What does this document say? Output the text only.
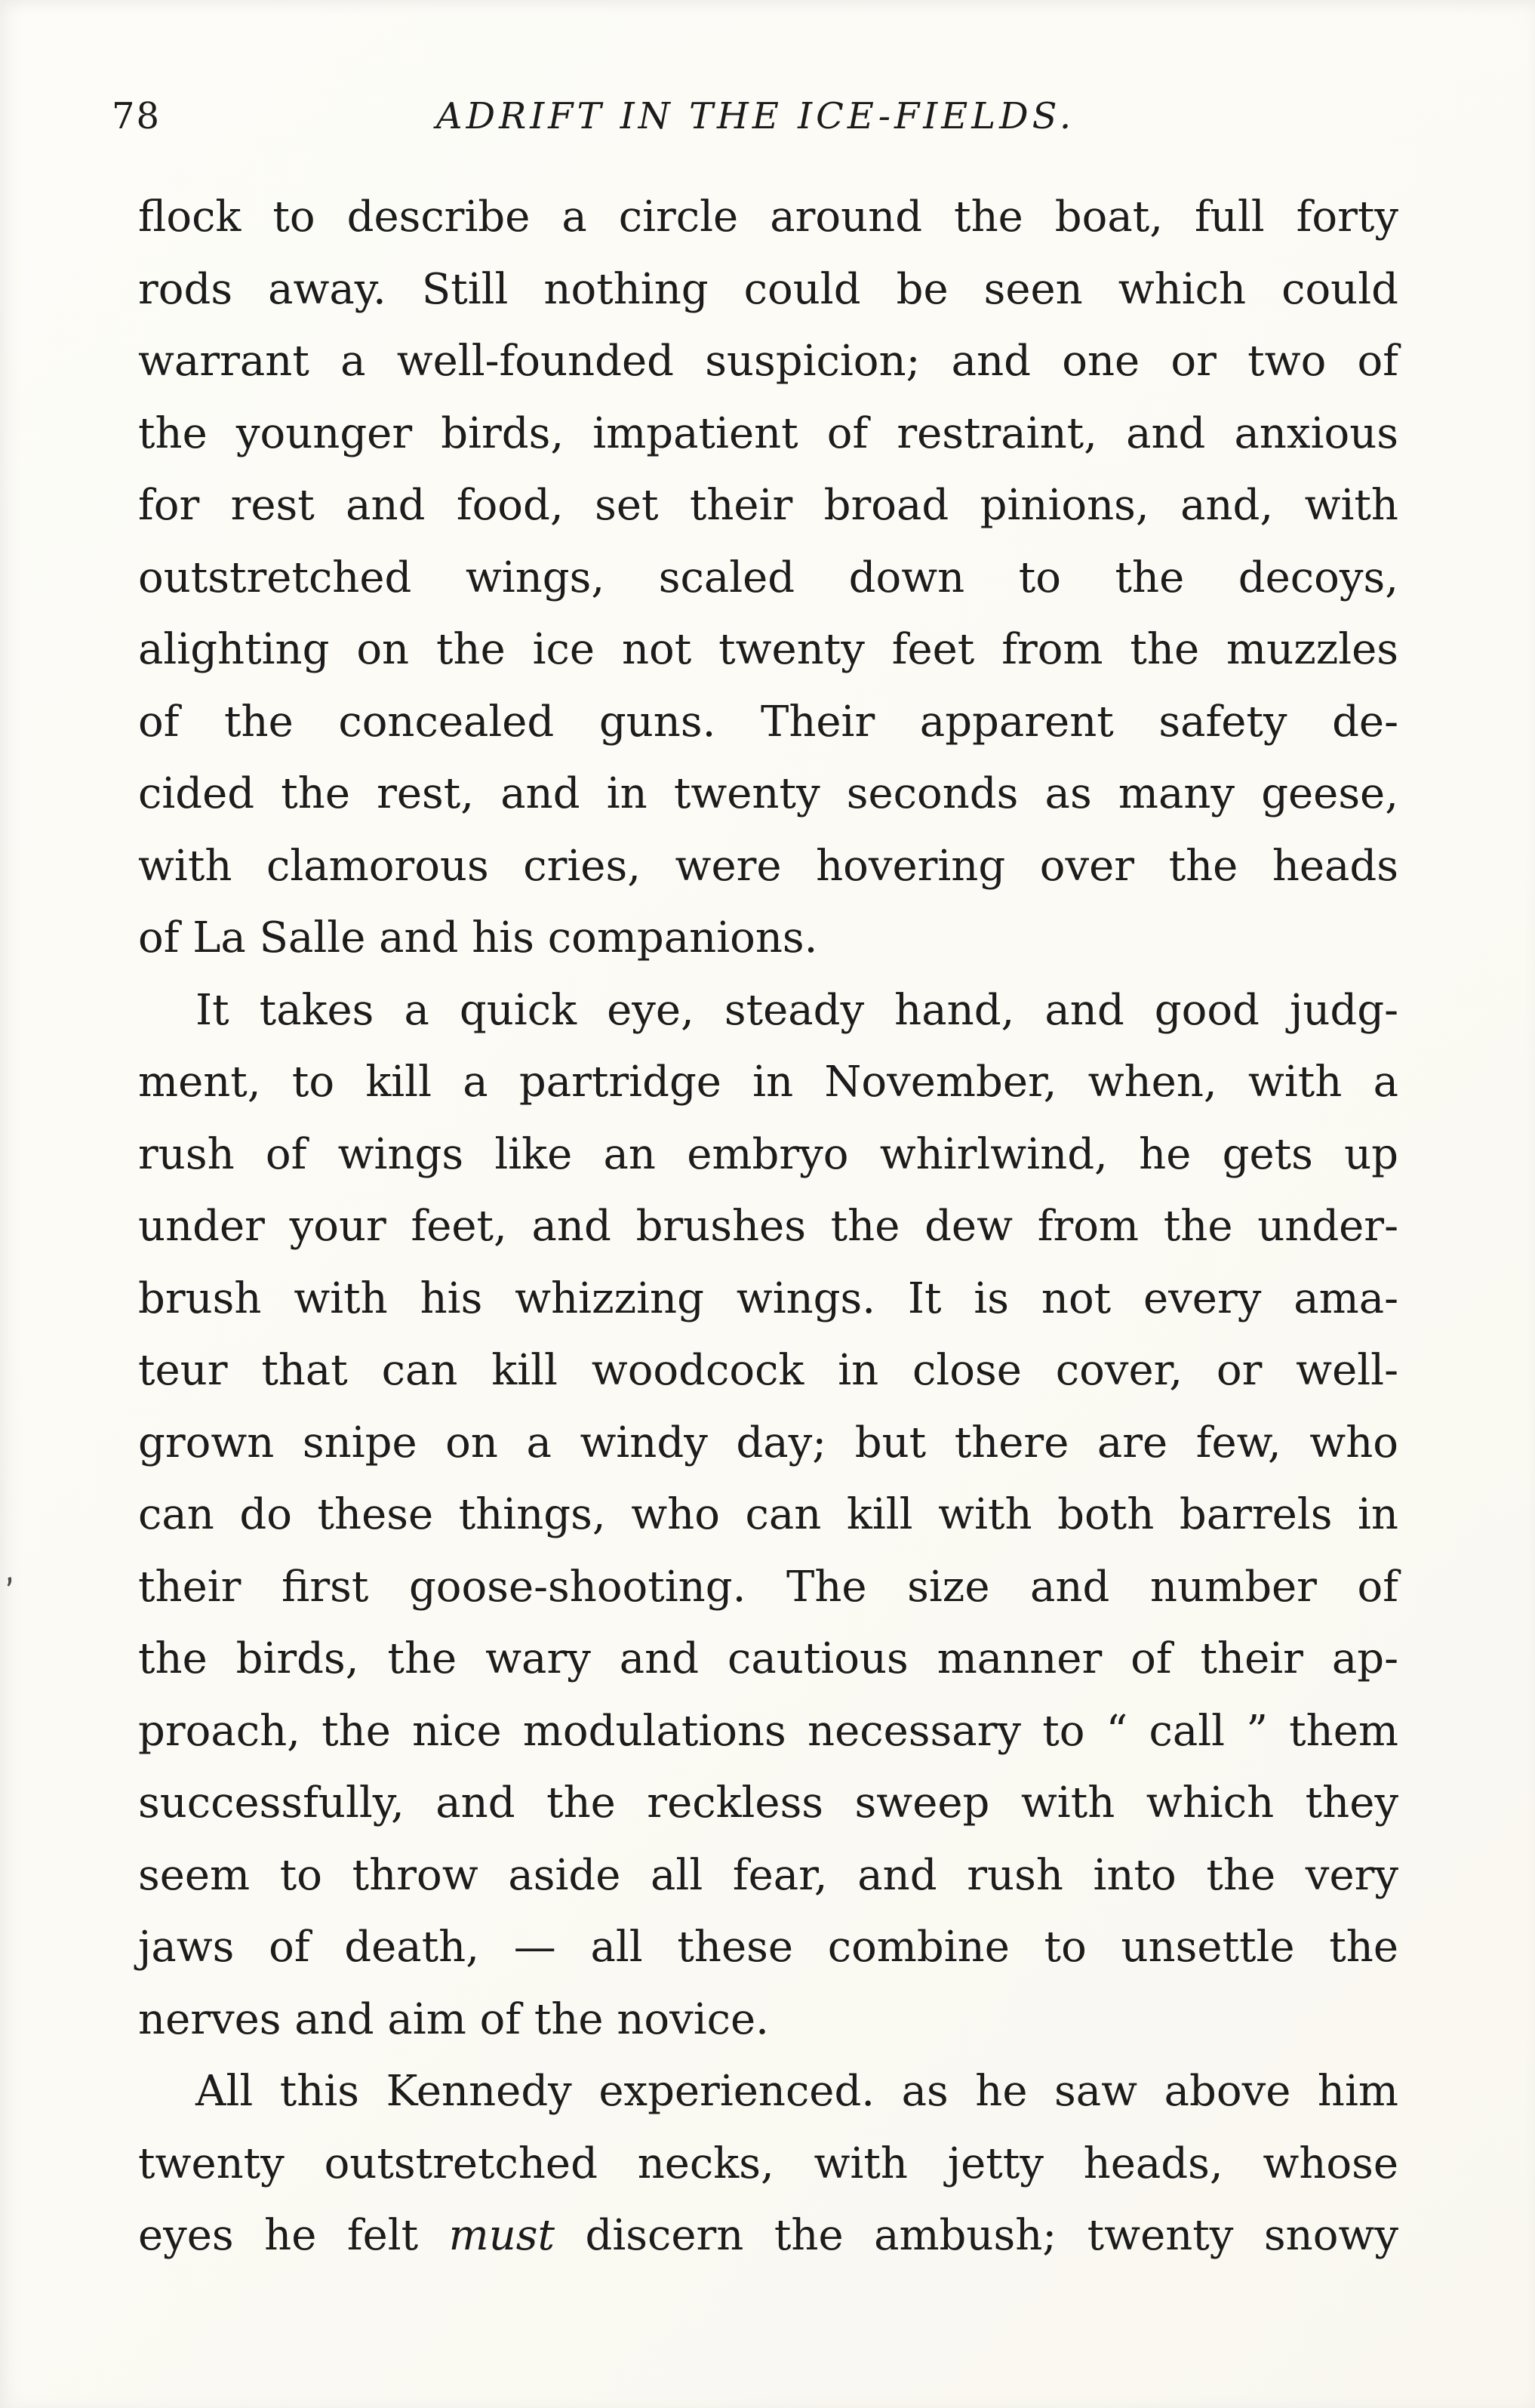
78	ADRIFT IN THE ICE-FIELDS.
’
flock to describe a circle around the boat, full forty
rods away. Still nothing could be seen which could
warrant a well-founded suspicion; and one or two of
the younger birds, impatient of restraint, and anxious
for rest and food, set their broad pinions, and, with
outstretched wings, scaled down to the decoys,
alighting on the ice not twenty feet from the muzzles
of the concealed guns. Their apparent safety de-
cided the rest, and in twenty seconds as many geese,
with clamorous cries, were hovering over the heads
of La Salle and his companions.
It takes a quick eye, steady hand, and good judg-
ment, to kill a partridge in November, when, with a
rush of wings like an embryo whirlwind, he gets up
under your feet, and brushes the dew from the under-
brush with his whizzing wings. It is not every ama-
teur that can kill woodcock in close cover, or well-
grown snipe on a windy day; but there are few, who
can do these things, who can kill with both barrels in
their first goose-shooting. The size and number of
the birds, the wary and cautious manner of their ap-
proach, the nice modulations necessary to “ call ” them
successfully, and the reckless sweep with which they
seem to throw aside all fear, and rush into the very
jaws of death, — all these combine to unsettle the
nerves and aim of the novice.
All this Kennedy experienced. as he saw above him
twenty outstretched necks, with jetty heads, whose
eyes he felt must discern the ambush; twenty snowy
